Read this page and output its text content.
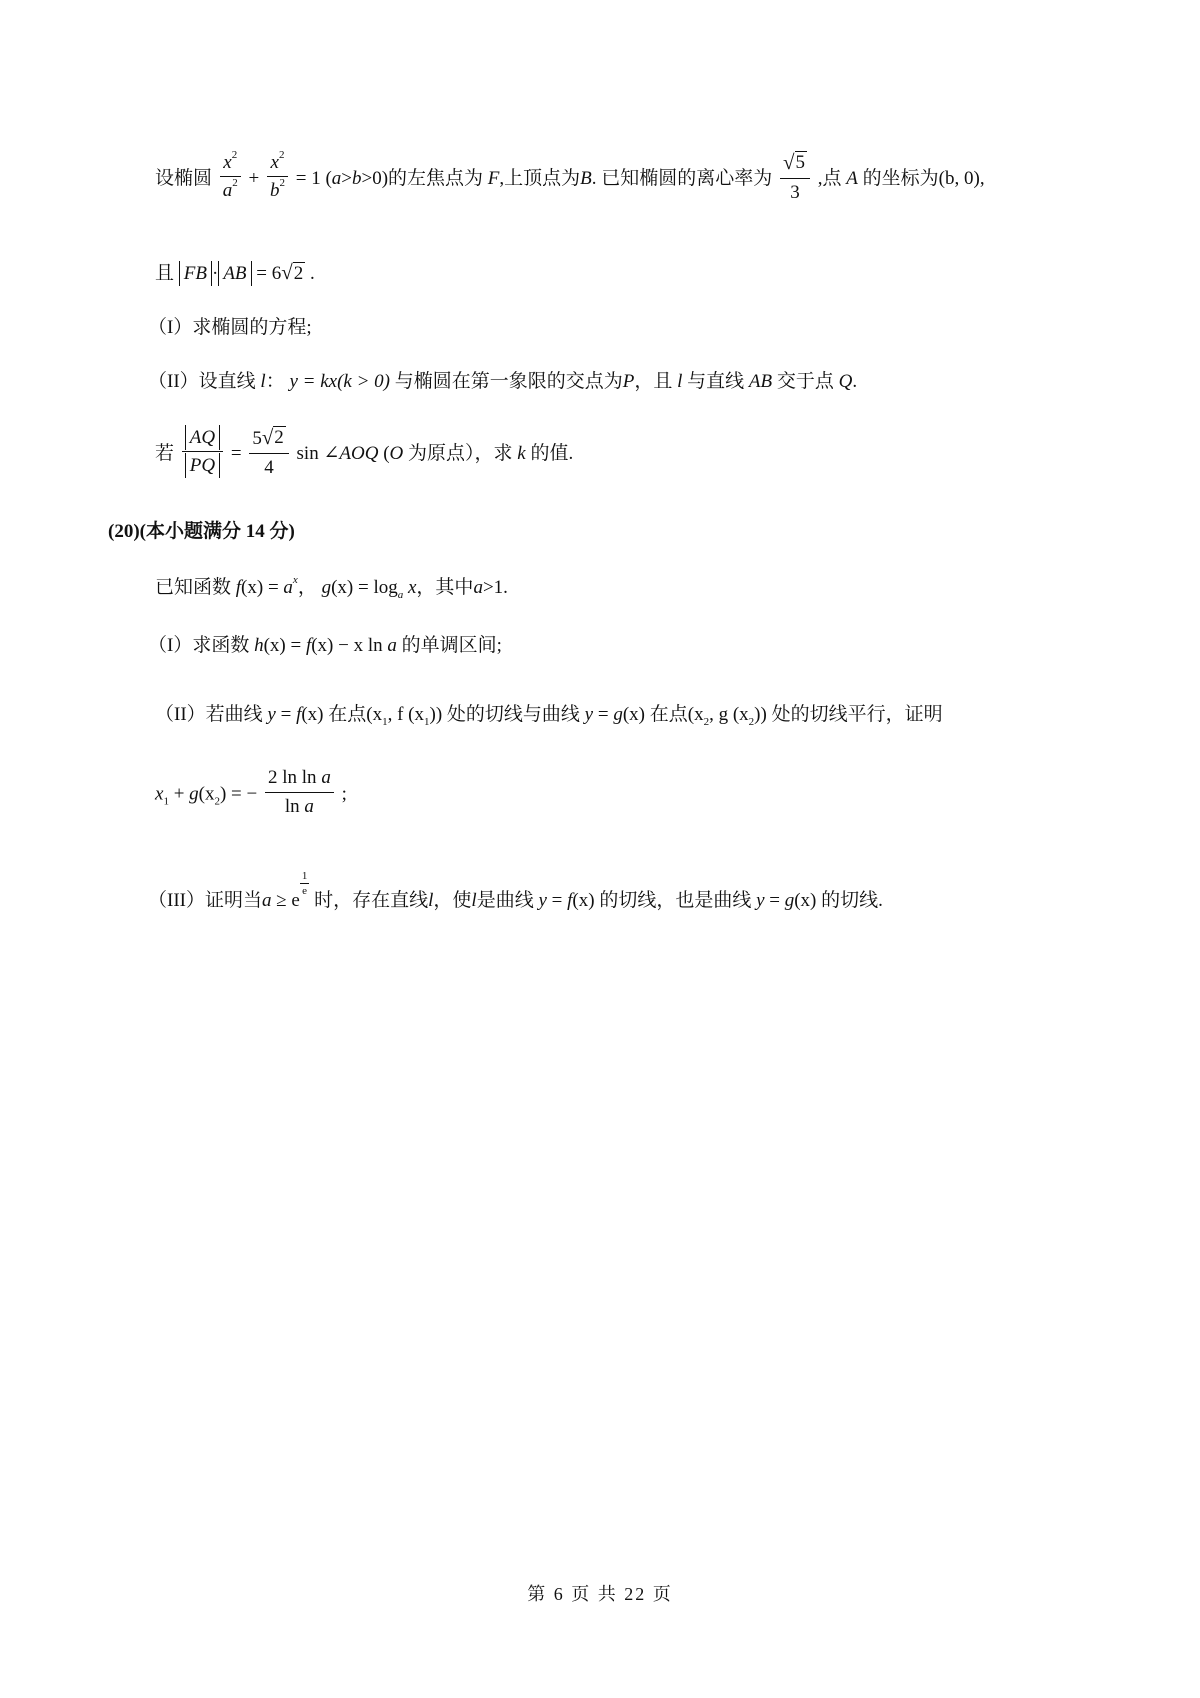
设椭圆 $\frac{x^2}{a^2} + \frac{x^2}{b^2} = 1$ (a>b>0)的左焦点为 F,上顶点为B. 已知椭圆的离心率为 $\frac{√ 5}{3}$ ,点 A 的坐标为(b, 0),
且 FB · AB = 6 √ 2 .
（I）求椭圆的方程;
（II）设直线 l： y = kx(k > 0) 与椭圆在第一象限的交点为P，且 l 与直线 AB 交于点 Q.
若 $\frac{AQ}{PQ} = \frac{5 √ 2}{4}$ sin ∠AOQ (O 为原点），求 k 的值.
(20)(本小题满分 14 分)
已知函数 $f(x) = a^x$， $g(x) = \log_a x$，其中a>1.
（I）求函数 h(x) = f(x) − x ln a 的单调区间;
（II）若曲线 y = f(x) 在点($x_1$, f $(x_1)$) 处的切线与曲线 y = g(x) 在点($x_2$, g $(x_2)$) 处的切线平行，证明
$x_1 + g(x_2)$ = − $\frac{\text{2 ln ln a}}{\text{ln a}}$ ;
（III）证明当a ≥ e
$^{\frac{1}{e}}$
时，存在直线l，使l是曲线 y = f(x) 的切线，也是曲线 y = g(x) 的切线.
第 6 页 共 22 页
